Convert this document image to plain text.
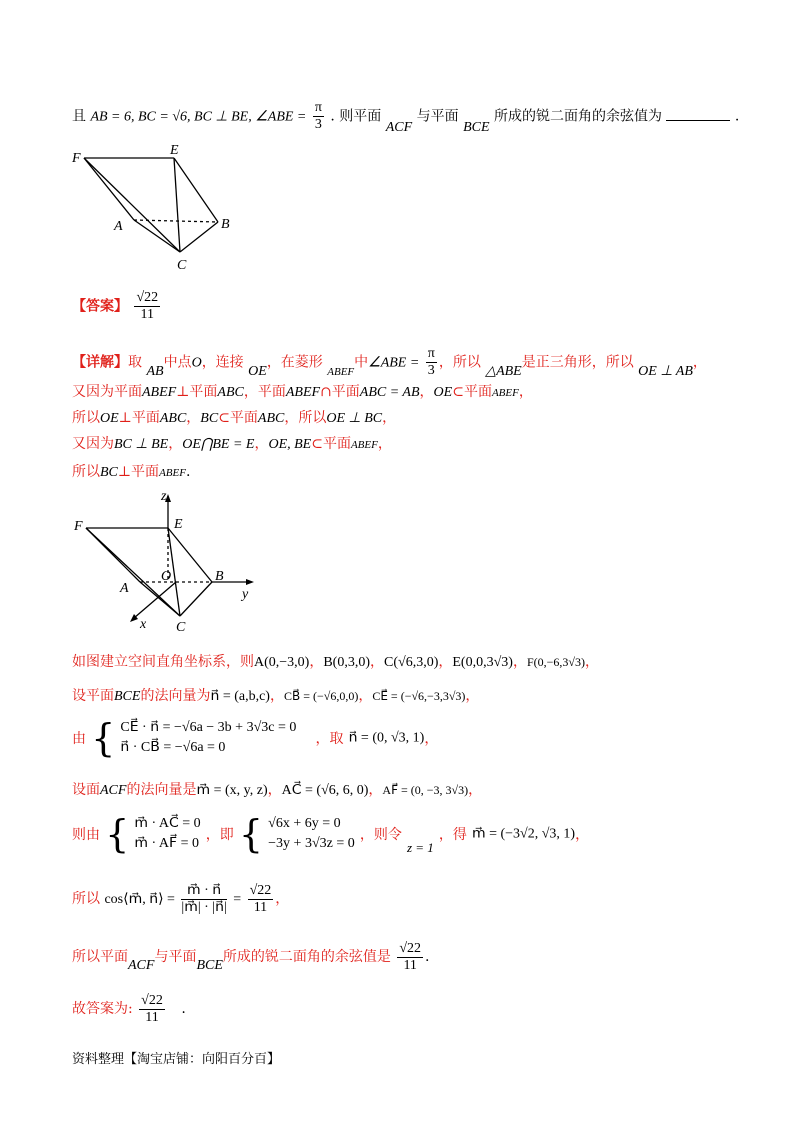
且 AB = 6, BC = √6, BC ⊥ BE, ∠ABE = $\frac{\pi}{3}$ . 则平面 ACF 与平面 BCE 所成的锐二面角的余弦值为	.
F
E
A	B
C
【答案】 $\frac{√22}{11}$
【详解】取 AB中点O，连接 OE，在菱形 $_{ABEF}$中∠ABE = $\frac{\pi}{3}$ ，所以 △ABE是正三角形，所以 OE ⊥ AB，
又因为平面ABEF⊥平面ABC，平面ABEF∩平面ABC = AB，OE⊂平面ABEF，
所以OE⊥平面ABC，BC⊂平面ABC，所以OE ⊥ BC，
又因为BC ⊥ BE，OE⋂BE = E，OE, BE⊂平面ABEF，
所以BC⊥平面ABEF.
z
F	E
O	B
y
A
x C
如图建立空间直角坐标系，则A(0,−3,0)，B(0,3,0)，C(√6,3,0)，E(0,0,3√3)，F(0,−6,3√3)，
设平面BCE的法向量为n⃗ = (a,b,c)，CB⃗ = (−√6,0,0)，CE⃗ = (−√6,−3,3√3)，
由 { CE⃗ · n⃗ = −√6a − 3b + 3√3c = 0
n⃗ · CB⃗ = −√6a = 0
，取 n⃗ = (0, √3, 1)，
设面ACF的法向量是m⃗ = (x, y, z)，AC⃗ = (√6, 6, 0)，AF⃗ = (0, −3, 3√3)，
则由 { m⃗ · AC⃗ = 0
m⃗ · AF⃗ = 0
，即 { √6x + 6y = 0
−3y + 3√3z = 0
，则令 $_{z = 1}$ ，得 m⃗ = (−3√2, √3, 1)，
所以 cos⟨m⃗, n⃗⟩ = $\frac{m⃗ \cdot n⃗}{|m⃗| \cdot |n⃗|} = \frac{√22}{11}$ ，
所以平面ACF与平面BCE所成的锐二面角的余弦值是 $\frac{√22}{11}$ .
故答案为: $\frac{√22}{11}$ .
资料整理【淘宝店铺：向阳百分百】
